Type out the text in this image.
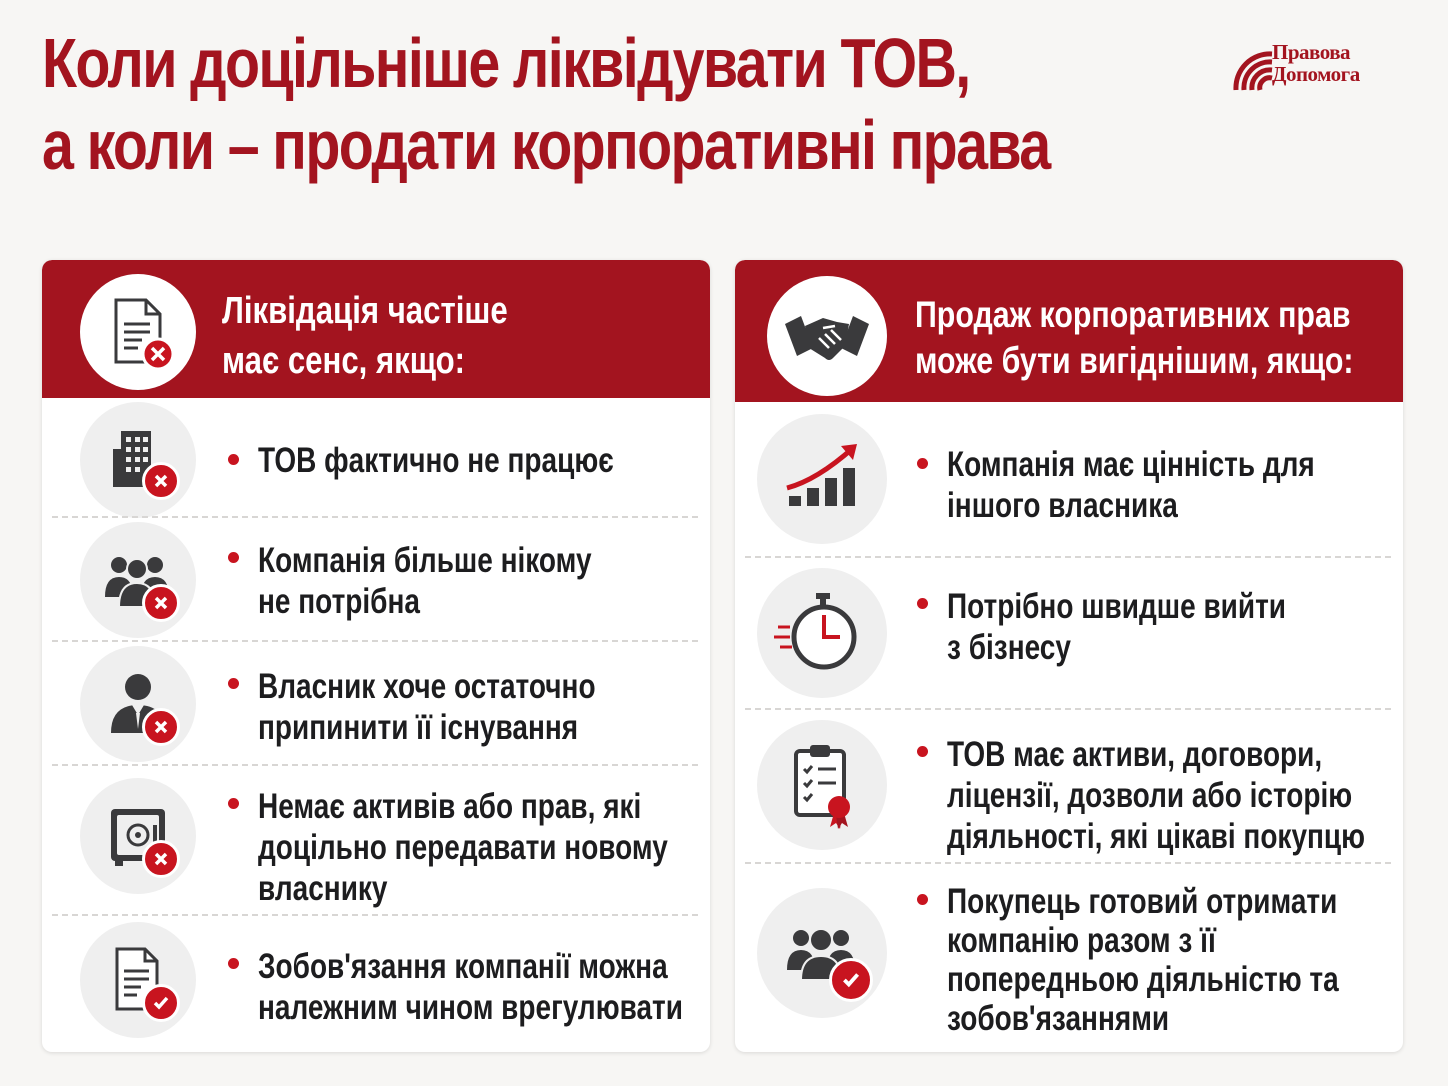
Коли доцільніше ліквідувати ТОВ,
а коли – продати корпоративні права
Правова
Допомога
Ліквідація частіше
має сенс, якщо:
ТОВ фактично не працює
Компанія більше нікому
не потрібна
Власник хоче остаточно
припинити її існування
Немає активів або прав, які
доцільно передавати новому
власнику
Зобов'язання компанії можна
належним чином врегулювати
Продаж корпоративних прав
може бути вигіднішим, якщо:
Компанія має цінність для
іншого власника
Потрібно швидше вийти
з бізнесу
ТОВ має активи, договори,
ліцензії, дозволи або історію
діяльності, які цікаві покупцю
Покупець готовий отримати
компанію разом з її
попередньою діяльністю та
зобов'язаннями
